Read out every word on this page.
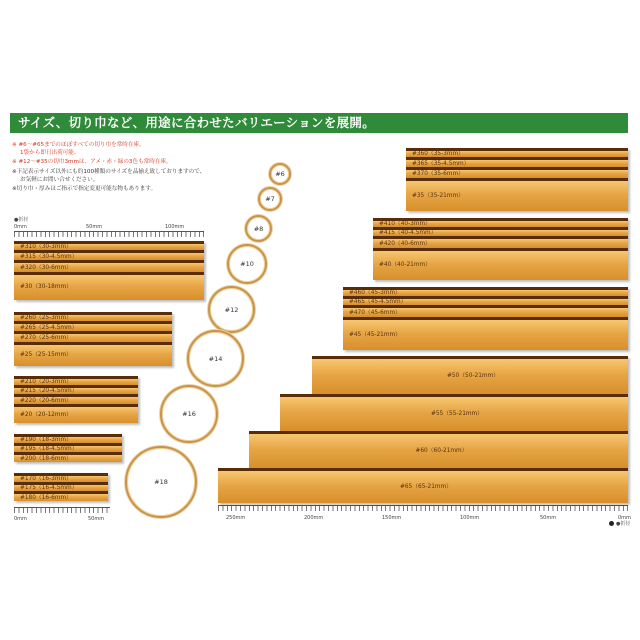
サイズ、切り巾など、用途に合わせたバリエーションを展開。
※ #6〜#65までのほぼすべての切り巾を常時在庫。
1袋から即日出荷可能。
※ #12〜#35の切巾3mmは、アメ・赤・緑の3色も常時在庫。
※下記表示サイズ以外にも約100種類のサイズを品揃え致しておりますので、
お気軽にお問い合せください。
※切り巾・厚みはご指示で指定変更可能な物もあります。
●折径
0mm	50mm	100mm
0mm	50mm	250mm	200mm	150mm	100mm	50mm	0mm
●折径
#310（30-3mm）
#315（30-4.5mm）
#320（30-6mm）
#30（30-18mm）
#260（25-3mm）
#265（25-4.5mm）
#270（25-6mm）
#25（25-15mm）
#210（20-3mm）
#215（20-4.5mm）
#220（20-6mm）
#20（20-12mm）
#190（18-3mm）
#195（18-4.5mm）
#200（18-6mm）
#170（16-3mm）
#175（16-4.5mm）
#180（16-6mm）
#360（35-3mm）
#365（35-4.5mm）
#370（35-6mm）
#35（35-21mm）
#410（40-3mm）
#415（40-4.5mm）
#420（40-6mm）
#40（40-21mm）
#460（45-3mm）
#465（45-4.5mm）
#470（45-6mm）
#45（45-21mm）
#50（50-21mm）
#55（55-21mm）
#60（60-21mm）
#65（65-21mm）
#6
#7
#8
#10
#12
#14
#16
#18
